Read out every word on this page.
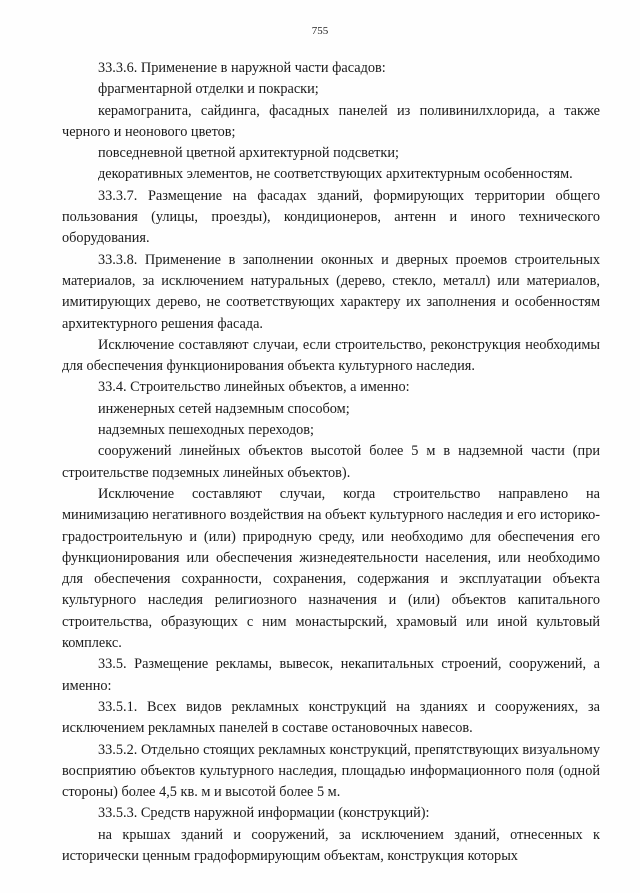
755

33.3.6. Применение в наружной части фасадов:

фрагментарной отделки и покраски;

керамогранита, сайдинга, фасадных панелей из поливинилхлорида, а также черного и неонового цветов;

повседневной цветной архитектурной подсветки;

декоративных элементов, не соответствующих архитектурным особенностям.

33.3.7. Размещение на фасадах зданий, формирующих территории общего пользования (улицы, проезды), кондиционеров, антенн и иного технического оборудования.

33.3.8. Применение в заполнении оконных и дверных проемов строительных материалов, за исключением натуральных (дерево, стекло, металл) или материалов, имитирующих дерево, не соответствующих характеру их заполнения и особенностям архитектурного решения фасада.

Исключение составляют случаи, если строительство, реконструкция необходимы для обеспечения функционирования объекта культурного наследия.

33.4. Строительство линейных объектов, а именно:

инженерных сетей надземным способом;

надземных пешеходных переходов;

сооружений линейных объектов высотой более 5 м в надземной части (при строительстве подземных линейных объектов).

Исключение составляют случаи, когда строительство направлено на минимизацию негативного воздействия на объект культурного наследия и его историко-градостроительную и (или) природную среду, или необходимо для обеспечения его функционирования или обеспечения жизнедеятельности населения, или необходимо для обеспечения сохранности, сохранения, содержания и эксплуатации объекта культурного наследия религиозного назначения и (или) объектов капитального строительства, образующих с ним монастырский, храмовый или иной культовый комплекс.

33.5. Размещение рекламы, вывесок, некапитальных строений, сооружений, а именно:

33.5.1. Всех видов рекламных конструкций на зданиях и сооружениях, за исключением рекламных панелей в составе остановочных навесов.

33.5.2. Отдельно стоящих рекламных конструкций, препятствующих визуальному восприятию объектов культурного наследия, площадью информационного поля (одной стороны) более 4,5 кв. м и высотой более 5 м.

33.5.3. Средств наружной информации (конструкций):

на крышах зданий и сооружений, за исключением зданий, отнесенных к исторически ценным градоформирующим объектам, конструкция которых
